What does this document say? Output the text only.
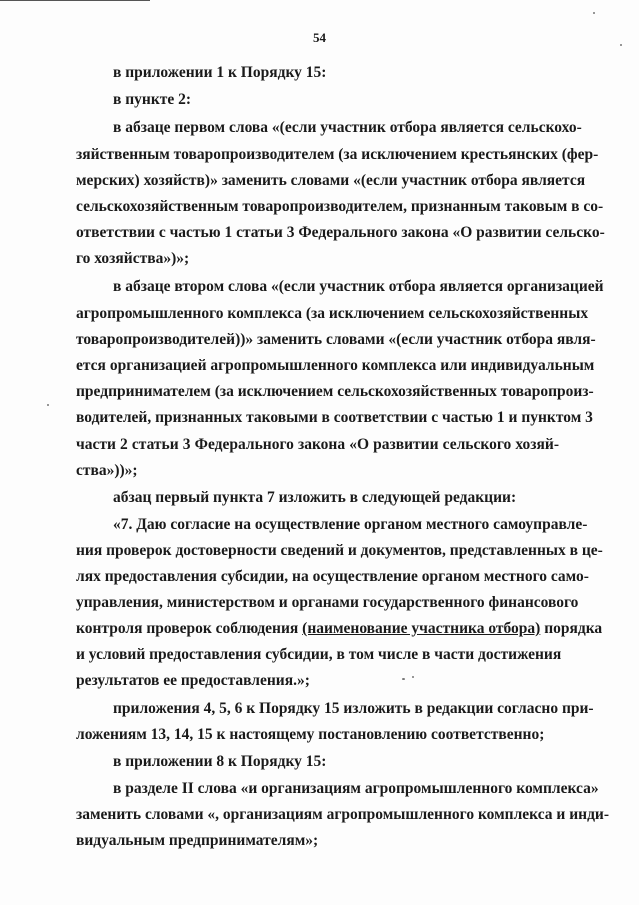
54
в приложении 1 к Порядку 15:
в пункте 2:
в абзаце первом слова «(если участник отбора является сельскохо-
зяйственным товаропроизводителем (за исключением крестьянских (фер-
мерских) хозяйств)» заменить словами «(если участник отбора является
сельскохозяйственным товаропроизводителем, признанным таковым в со-
ответствии с частью 1 статьи 3 Федерального закона «О развитии сельско-
го хозяйства»)»;
в абзаце втором слова «(если участник отбора является организацией
агропромышленного комплекса (за исключением сельскохозяйственных
товаропроизводителей))» заменить словами «(если участник отбора явля-
ется организацией агропромышленного комплекса или индивидуальным
предпринимателем (за исключением сельскохозяйственных товаропроиз-
водителей, признанных таковыми в соответствии с частью 1 и пунктом 3
части 2 статьи 3 Федерального закона «О развитии сельского хозяй-
ства»))»;
абзац первый пункта 7 изложить в следующей редакции:
«7. Даю согласие на осуществление органом местного самоуправле-
ния проверок достоверности сведений и документов, представленных в це-
лях предоставления субсидии, на осуществление органом местного само-
управления, министерством и органами государственного финансового
контроля проверок соблюдения (наименование участника отбора) порядка
и условий предоставления субсидии, в том числе в части достижения
результатов ее предоставления.»;
приложения 4, 5, 6 к Порядку 15 изложить в редакции согласно при-
ложениям 13, 14, 15 к настоящему постановлению соответственно;
в приложении 8 к Порядку 15:
в разделе II слова «и организациям агропромышленного комплекса»
заменить словами «, организациям агропромышленного комплекса и инди-
видуальным предпринимателям»;
